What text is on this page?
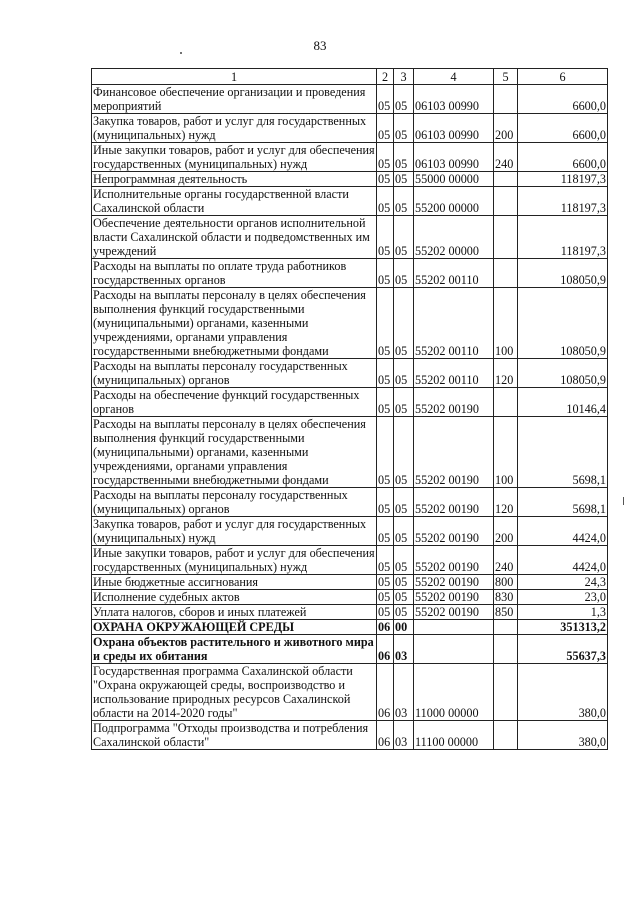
83
1	2	3	4	5	6
Финансовое обеспечение организации и проведения мероприятий	05	05	06103 00990		6600,0
Закупка товаров, работ и услуг для государственных (муниципальных) нужд	05	05	06103 00990	200	6600,0
Иные закупки товаров, работ и услуг для обеспечения государственных (муниципальных) нужд	05	05	06103 00990	240	6600,0
Непрограммная деятельность	05	05	55000 00000		118197,3
Исполнительные органы государственной власти Сахалинской области	05	05	55200 00000		118197,3
Обеспечение деятельности органов исполнительной власти Сахалинской области и подведомственных им учреждений	05	05	55202 00000		118197,3
Расходы на выплаты по оплате труда работников государственных органов	05	05	55202 00110		108050,9
Расходы на выплаты персоналу в целях обеспечения выполнения функций государственными (муниципальными) органами, казенными учреждениями, органами управления государственными внебюджетными фондами	05	05	55202 00110	100	108050,9
Расходы на выплаты персоналу государственных (муниципальных) органов	05	05	55202 00110	120	108050,9
Расходы на обеспечение функций государственных органов	05	05	55202 00190		10146,4
Расходы на выплаты персоналу в целях обеспечения выполнения функций государственными (муниципальными) органами, казенными учреждениями, органами управления государственными внебюджетными фондами	05	05	55202 00190	100	5698,1
Расходы на выплаты персоналу государственных (муниципальных) органов	05	05	55202 00190	120	5698,1
Закупка товаров, работ и услуг для государственных (муниципальных) нужд	05	05	55202 00190	200	4424,0
Иные закупки товаров, работ и услуг для обеспечения государственных (муниципальных) нужд	05	05	55202 00190	240	4424,0
Иные бюджетные ассигнования	05	05	55202 00190	800	24,3
Исполнение судебных актов	05	05	55202 00190	830	23,0
Уплата налогов, сборов и иных платежей	05	05	55202 00190	850	1,3
ОХРАНА ОКРУЖАЮЩЕЙ СРЕДЫ	06	00			351313,2
Охрана объектов растительного и животного мира и среды их обитания	06	03			55637,3
Государственная программа Сахалинской области "Охрана окружающей среды, воспроизводство и использование природных ресурсов Сахалинской области на 2014-2020 годы"	06	03	11000 00000		380,0
Подпрограмма "Отходы производства и потребления Сахалинской области"	06	03	11100 00000		380,0
